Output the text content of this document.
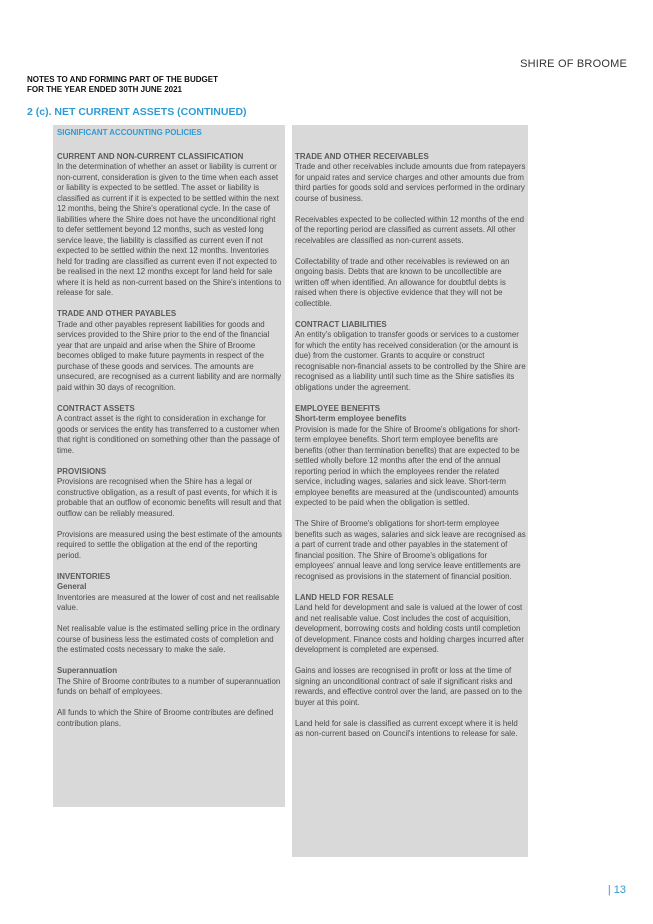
SHIRE OF BROOME
NOTES TO AND FORMING PART OF THE BUDGET
FOR THE YEAR ENDED 30TH JUNE 2021
2 (c). NET CURRENT ASSETS (CONTINUED)

SIGNIFICANT ACCOUNTING POLICIES

CURRENT AND NON-CURRENT CLASSIFICATION

In the determination of whether an asset or liability is current or non-current, consideration is given to the time when each asset or liability is expected to be settled. The asset or liability is classified as current if it is expected to be settled within the next 12 months, being the Shire's operational cycle. In the case of liabilities where the Shire does not have the unconditional right to defer settlement beyond 12 months, such as vested long service leave, the liability is classified as current even if not expected to be settled within the next 12 months. Inventories held for trading are classified as current even if not expected to be realised in the next 12 months except for land held for sale where it is held as non-current based on the Shire's intentions to release for sale.

TRADE AND OTHER PAYABLES

Trade and other payables represent liabilities for goods and services provided to the Shire prior to the end of the financial year that are unpaid and arise when the Shire of Broome becomes obliged to make future payments in respect of the purchase of these goods and services. The amounts are unsecured, are recognised as a current liability and are normally paid within 30 days of recognition.

CONTRACT ASSETS

A contract asset is the right to consideration in exchange for goods or services the entity has transferred to a customer when that right is conditioned on something other than the passage of time.

PROVISIONS

Provisions are recognised when the Shire has a legal or constructive obligation, as a result of past events, for which it is probable that an outflow of economic benefits will result and that outflow can be reliably measured.

Provisions are measured using the best estimate of the amounts required to settle the obligation at the end of the reporting period.

INVENTORIES

General

Inventories are measured at the lower of cost and net realisable value.

Net realisable value is the estimated selling price in the ordinary course of business less the estimated costs of completion and the estimated costs necessary to make the sale.

Superannuation

The Shire of Broome contributes to a number of superannuation funds on behalf of employees.

All funds to which the Shire of Broome contributes are defined contribution plans.

TRADE AND OTHER RECEIVABLES

Trade and other receivables include amounts due from ratepayers for unpaid rates and service charges and other amounts due from third parties for goods sold and services performed in the ordinary course of business.

Receivables expected to be collected within 12 months of the end of the reporting period are classified as current assets. All other receivables are classified as non-current assets.

Collectability of trade and other receivables is reviewed on an ongoing basis. Debts that are known to be uncollectible are written off when identified. An allowance for doubtful debts is raised when there is objective evidence that they will not be collectible.

CONTRACT LIABILITIES

An entity's obligation to transfer goods or services to a customer for which the entity has received consideration (or the amount is due) from the customer. Grants to acquire or construct recognisable non-financial assets to be controlled by the Shire are recognised as a liability until such time as the Shire satisfies its obligations under the agreement.

EMPLOYEE BENEFITS

Short-term employee benefits

Provision is made for the Shire of Broome's obligations for short-term employee benefits. Short term employee benefits are benefits (other than termination benefits) that are expected to be settled wholly before 12 months after the end of the annual reporting period in which the employees render the related service, including wages, salaries and sick leave. Short-term employee benefits are measured at the (undiscounted) amounts expected to be paid when the obligation is settled.

The Shire of Broome's obligations for short-term employee benefits such as wages, salaries and sick leave are recognised as a part of current trade and other payables in the statement of financial position. The Shire of Broome's obligations for employees' annual leave and long service leave entitlements are recognised as provisions in the statement of financial position.

LAND HELD FOR RESALE

Land held for development and sale is valued at the lower of cost and net realisable value. Cost includes the cost of acquisition, development, borrowing costs and holding costs until completion of development. Finance costs and holding charges incurred after development is completed are expensed.

Gains and losses are recognised in profit or loss at the time of signing an unconditional contract of sale if significant risks and rewards, and effective control over the land, are passed on to the buyer at this point.

Land held for sale is classified as current except where it is held as non-current based on Council's intentions to release for sale.

| 13
